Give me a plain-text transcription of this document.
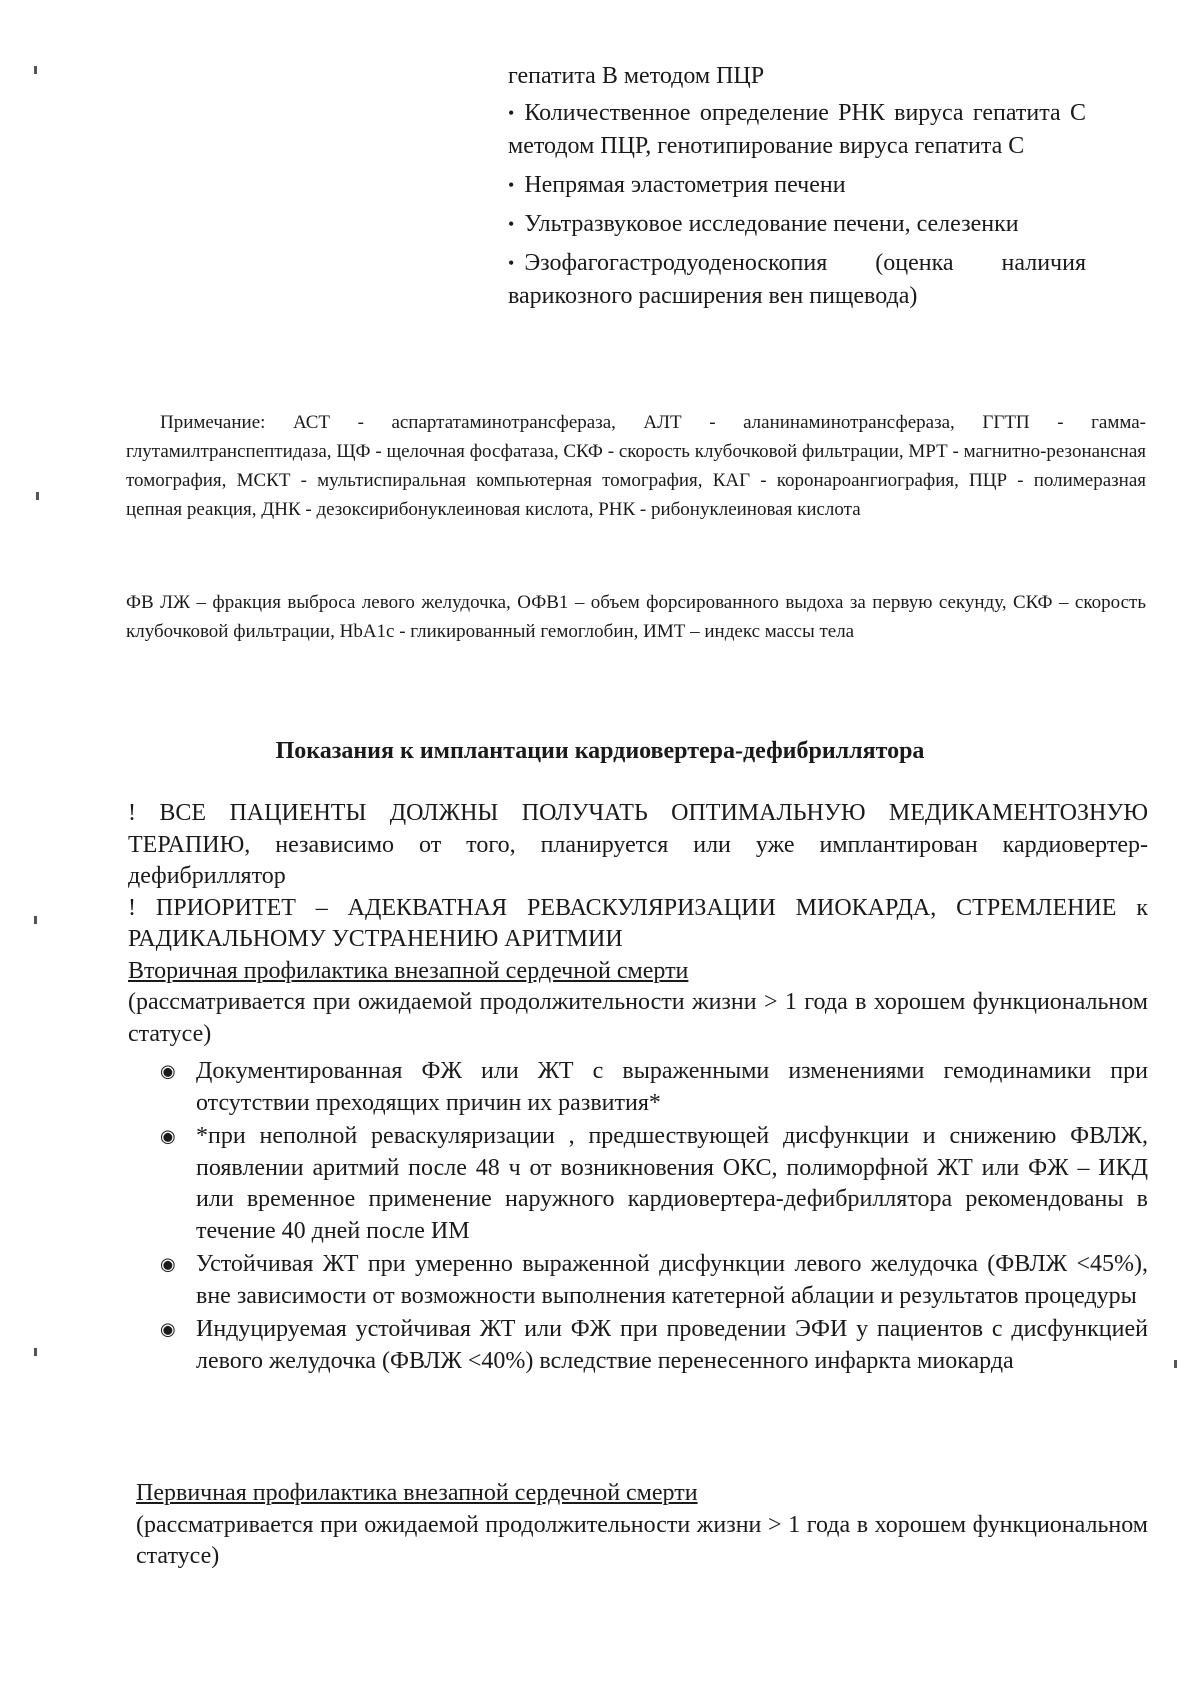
гепатита В методом ПЦР
• Количественное определение РНК вируса гепатита С методом ПЦР, генотипирование вируса гепатита С
• Непрямая эластометрия печени
• Ультразвуковое исследование печени, селезенки
• Эзофагогастродуоденоскопия (оценка наличия варикозного расширения вен пищевода)
Примечание: АСТ - аспартатаминотрансфераза, АЛТ - аланинаминотрансфераза, ГГТП - гамма- глутамилтранспептидаза, ЩФ - щелочная фосфатаза, СКФ - скорость клубочковой фильтрации, МРТ - магнитно-резонансная томография, МСКТ - мультиспиральная компьютерная томография, КАГ - коронароангиография, ПЦР - полимеразная цепная реакция, ДНК - дезоксирибонуклеиновая кислота, РНК - рибонуклеиновая кислота
ФВ ЛЖ – фракция выброса левого желудочка, ОФВ1 – объем форсированного выдоха за первую секунду, СКФ – скорость клубочковой фильтрации, HbA1c - гликированный гемоглобин, ИМТ – индекс массы тела
Показания к имплантации кардиовертера-дефибриллятора

! ВСЕ ПАЦИЕНТЫ ДОЛЖНЫ ПОЛУЧАТЬ ОПТИМАЛЬНУЮ МЕДИКАМЕНТОЗНУЮ ТЕРАПИЮ, независимо от того, планируется или уже имплантирован кардиовертер-дефибриллятор

! ПРИОРИТЕТ – АДЕКВАТНАЯ РЕВАСКУЛЯРИЗАЦИИ МИОКАРДА, СТРЕМЛЕНИЕ к РАДИКАЛЬНОМУ УСТРАНЕНИЮ АРИТМИИ

Вторичная профилактика внезапной сердечной смерти

(рассматривается при ожидаемой продолжительности жизни > 1 года в хорошем функциональном статусе)

◉ Документированная ФЖ или ЖТ с выраженными изменениями гемодинамики при отсутствии преходящих причин их развития*
◉ *при неполной реваскуляризации , предшествующей дисфункции и снижению ФВЛЖ, появлении аритмий после 48 ч от возникновения ОКС, полиморфной ЖТ или ФЖ – ИКД или временное применение наружного кардиовертера-дефибриллятора рекомендованы в течение 40 дней после ИМ
◉ Устойчивая ЖТ при умеренно выраженной дисфункции левого желудочка (ФВЛЖ <45%), вне зависимости от возможности выполнения катетерной аблации и результатов процедуры
◉ Индуцируемая устойчивая ЖТ или ФЖ при проведении ЭФИ у пациентов с дисфункцией левого желудочка (ФВЛЖ <40%) вследствие перенесенного инфаркта миокарда

Первичная профилактика внезапной сердечной смерти

(рассматривается при ожидаемой продолжительности жизни > 1 года в хорошем функциональном статусе)
